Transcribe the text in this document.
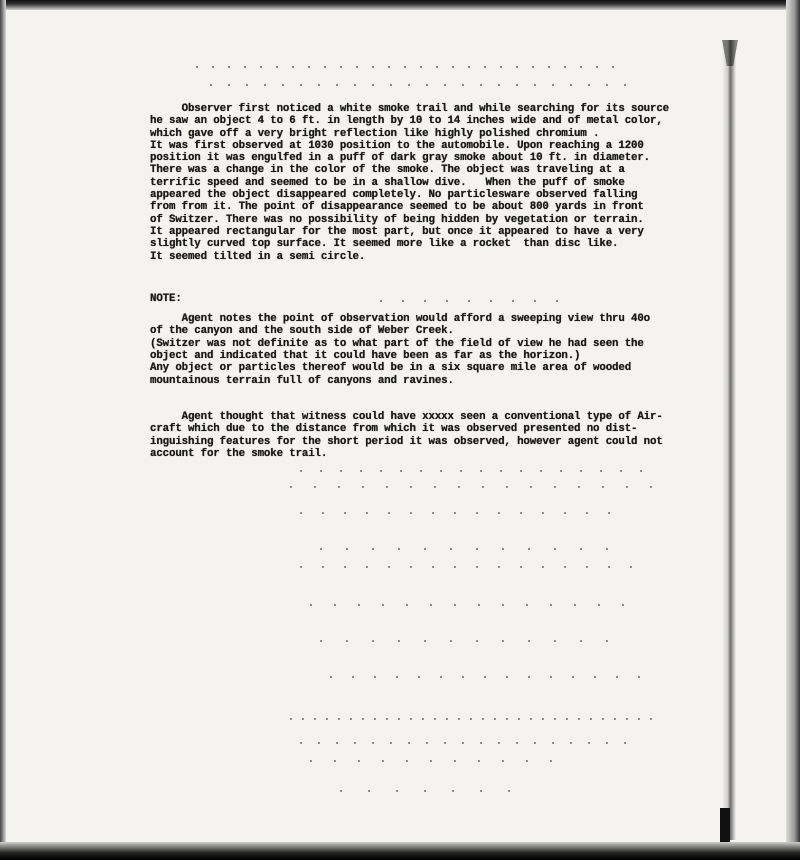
Observer first noticed a white smoke trail and while searching for its source

he saw an object 4 to 6 ft. in length by 10 to 14 inches wide and of metal color,

which gave off a very bright reflection like highly polished chromium .

It was first observed at 1030 position to the automobile. Upon reaching a 1200

position it was engulfed in a puff of dark gray smoke about 10 ft. in diameter.

There was a change in the color of the smoke. The object was traveling at a

terrific speed and seemed to be in a shallow dive.   When the puff of smoke

appeared the object disappeared completely. No particlesware observed falling

from from it. The point of disappearance seemed to be about 800 yards in front

of Switzer. There was no possibility of being hidden by vegetation or terrain.

It appeared rectangular for the most part, but once it appeared to have a very

slightly curved top surface. It seemed more like a rocket  than disc like.

It seemed tilted in a semi circle.

NOTE:

Agent notes the point of observation would afford a sweeping view thru 40o

of the canyon and the south side of Weber Creek.

(Switzer was not definite as to what part of the field of view he had seen the

object and indicated that it could have been as far as the horizon.)

Any object or particles thereof would be in a six square mile area of wooded

mountainous terrain full of canyons and ravines.

Agent thought that witness could have xxxxx seen a conventional type of Air-

craft which due to the distance from which it was observed presented no dist-

inguishing features for the short period it was observed, however agent could not

account for the smoke trail.
